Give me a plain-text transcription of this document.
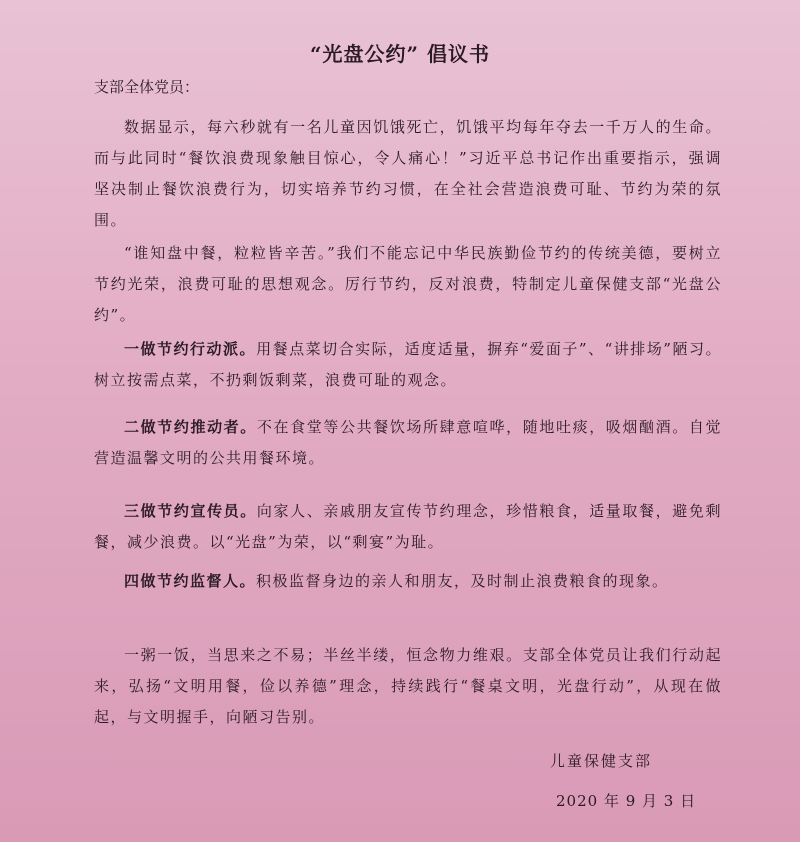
“光盘公约” 倡议书
支部全体党员：
数据显示，每六秒就有一名儿童因饥饿死亡，饥饿平均每年夺去一千万人的生命。而与此同时“餐饮浪费现象触目惊心，令人痛心！”习近平总书记作出重要指示，强调坚决制止餐饮浪费行为，切实培养节约习惯，在全社会营造浪费可耻、节约为荣的氛围。
“谁知盘中餐，粒粒皆辛苦。”我们不能忘记中华民族勤俭节约的传统美德，要树立节约光荣，浪费可耻的思想观念。厉行节约，反对浪费，特制定儿童保健支部“光盘公约”。
一做节约行动派。用餐点菜切合实际，适度适量，摒弃“爱面子”、“讲排场”陋习。树立按需点菜，不扔剩饭剩菜，浪费可耻的观念。
二做节约推动者。不在食堂等公共餐饮场所肆意喧哗，随地吐痰，吸烟酗酒。自觉营造温馨文明的公共用餐环境。
三做节约宣传员。向家人、亲戚朋友宣传节约理念，珍惜粮食，适量取餐，避免剩餐，减少浪费。以“光盘”为荣，以“剩宴”为耻。
四做节约监督人。积极监督身边的亲人和朋友，及时制止浪费粮食的现象。
一粥一饭，当思来之不易；半丝半缕，恒念物力维艰。支部全体党员让我们行动起来，弘扬“文明用餐，俭以养德”理念，持续践行“餐桌文明，光盘行动”，从现在做起，与文明握手，向陋习告别。
儿童保健支部
2020 年 9 月 3 日
